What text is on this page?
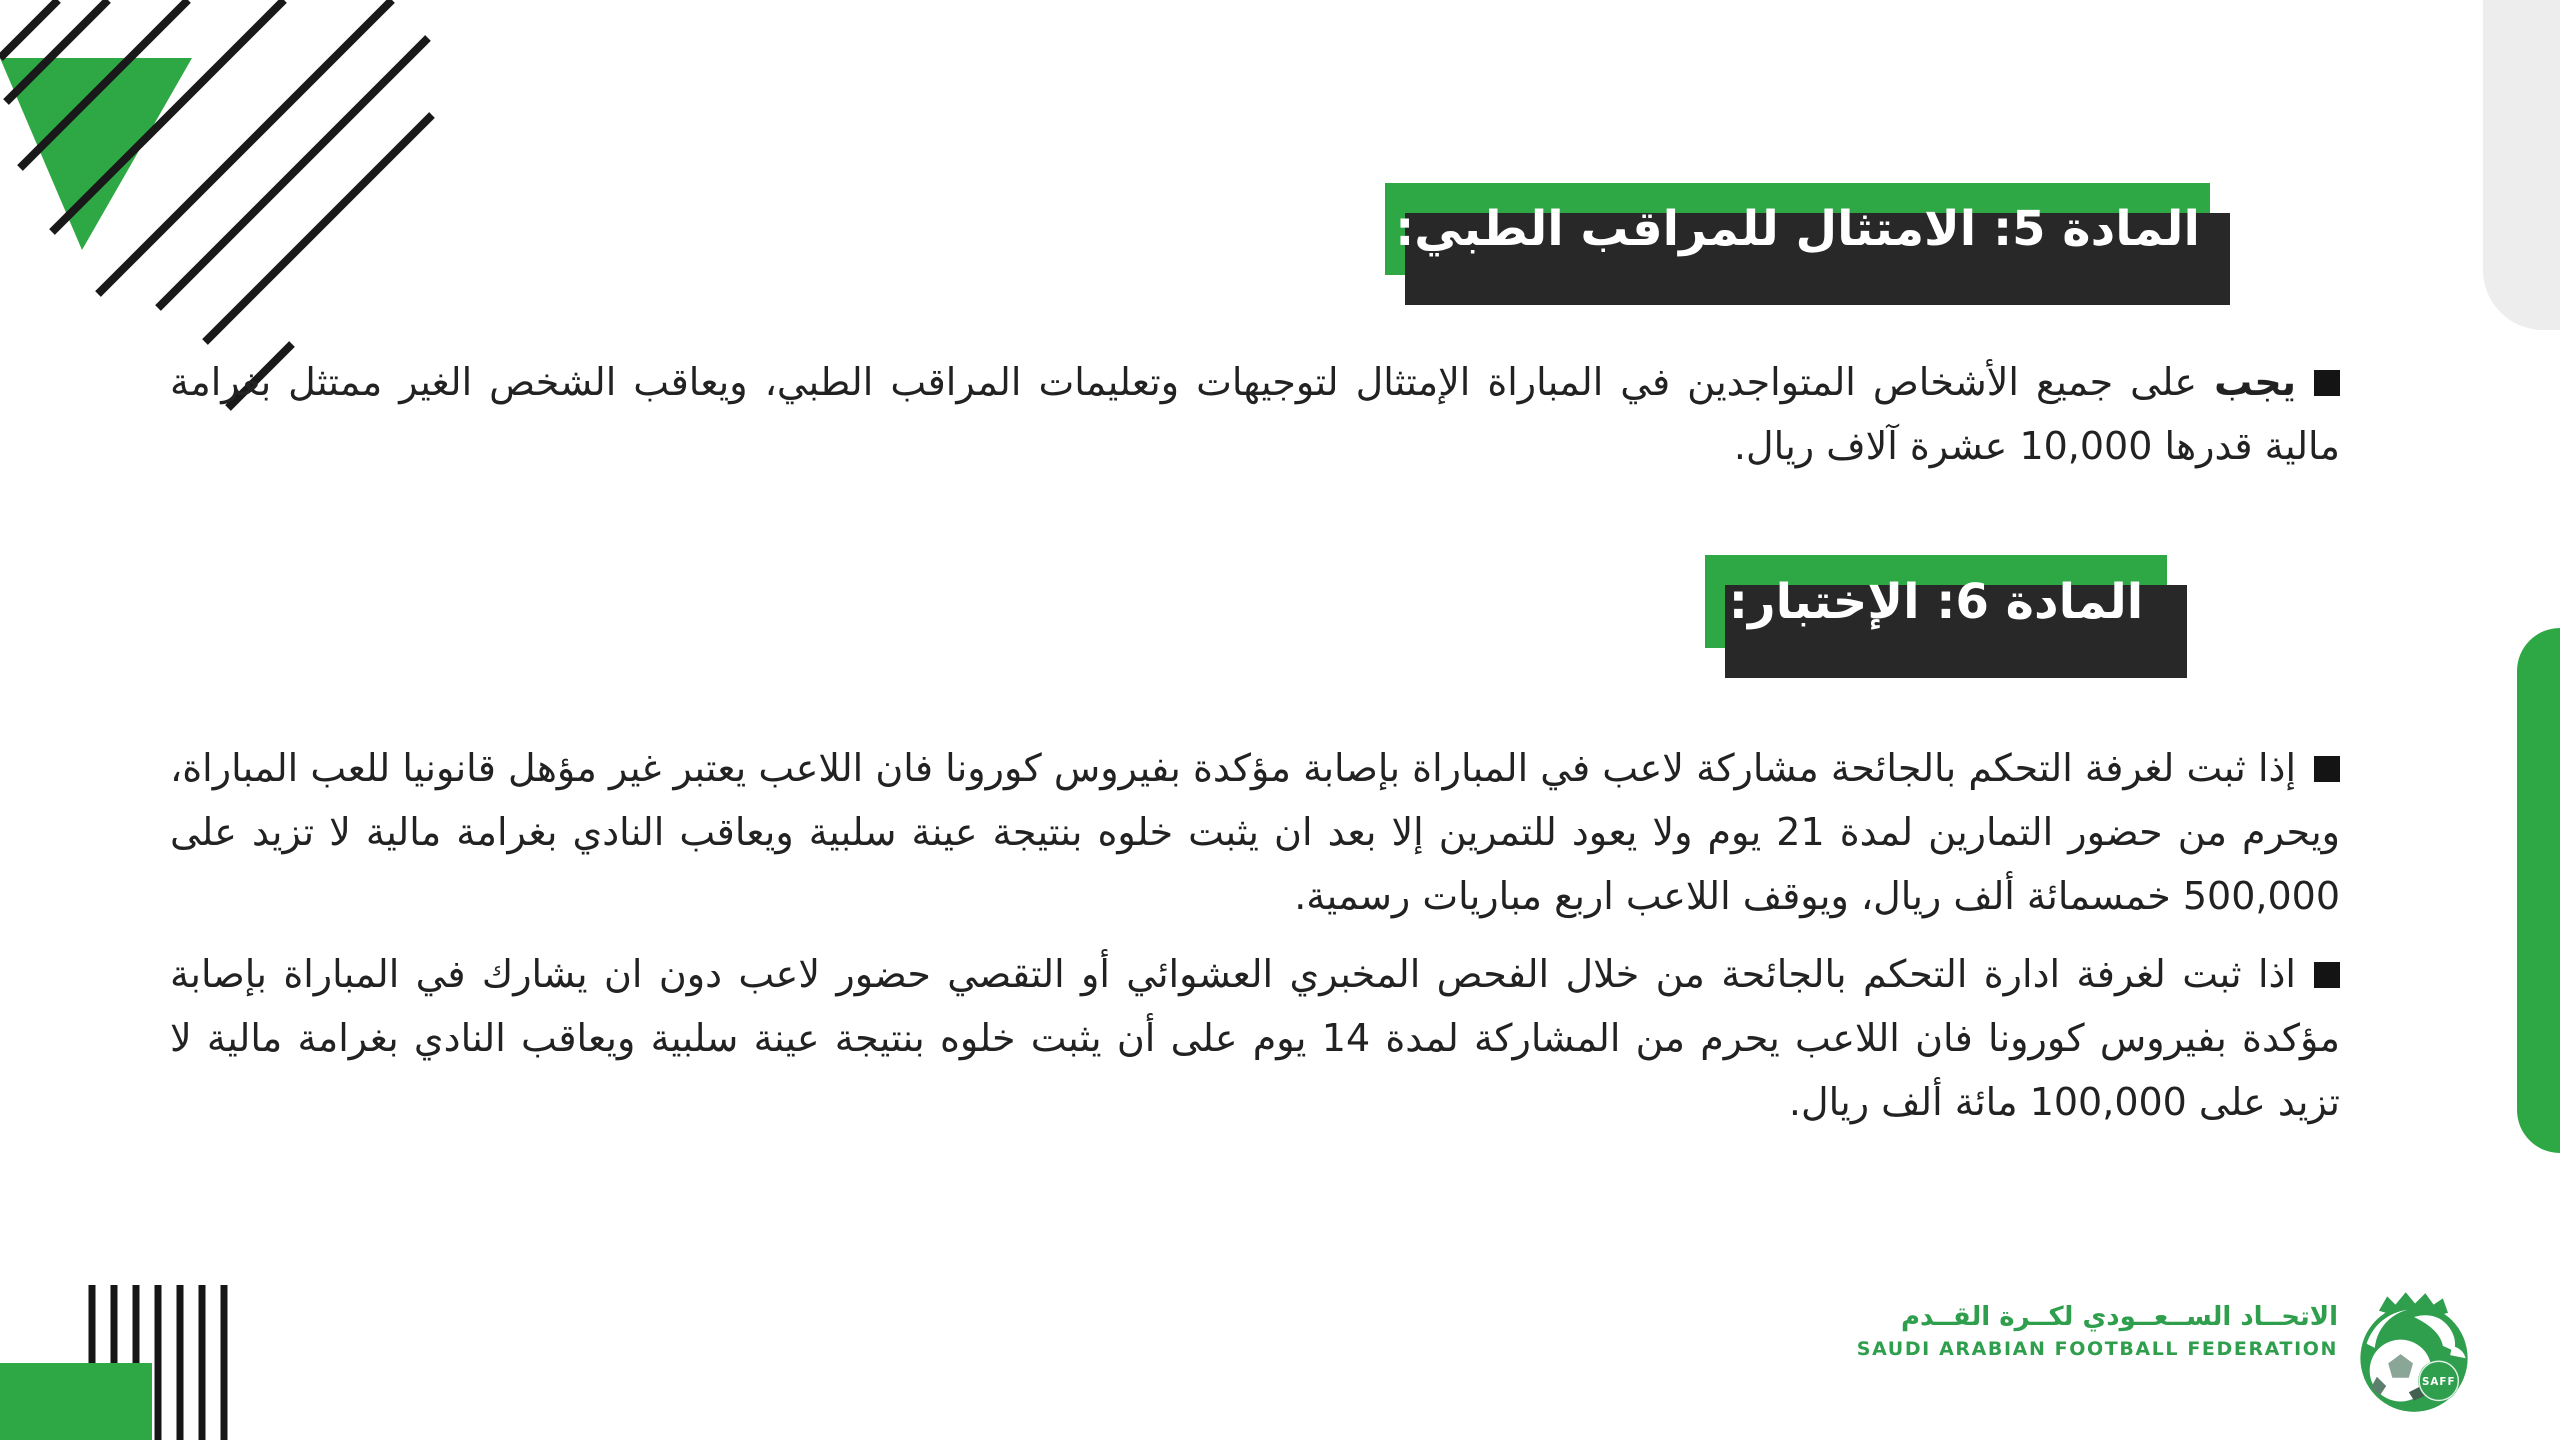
المادة 5: الامتثال للمراقب الطبي:

يجب على جميع الأشخاص المتواجدين في المباراة الإمتثال لتوجيهات وتعليمات المراقب الطبي، ويعاقب الشخص الغير ممتثل بغرامة مالية قدرها 10,000 عشرة آلاف ريال.

المادة 6: الإختبار:

إذا ثبت لغرفة التحكم بالجائحة مشاركة لاعب في المباراة بإصابة مؤكدة بفيروس كورونا فان اللاعب يعتبر غير مؤهل قانونيا للعب المباراة، ويحرم من حضور التمارين لمدة 21 يوم ولا يعود للتمرين إلا بعد ان يثبت خلوه بنتيجة عينة سلبية ويعاقب النادي بغرامة مالية لا تزيد على 500,000 خمسمائة ألف ريال، ويوقف اللاعب اربع مباريات رسمية.

اذا ثبت لغرفة ادارة التحكم بالجائحة من خلال الفحص المخبري العشوائي أو التقصي حضور لاعب دون ان يشارك في المباراة بإصابة مؤكدة بفيروس كورونا فان اللاعب يحرم من المشاركة لمدة 14 يوم على أن يثبت خلوه بنتيجة عينة سلبية ويعاقب النادي بغرامة مالية لا تزيد على 100,000 مائة ألف ريال.

الاتحــاد الســعــودي لكــرة القــدم
SAUDI ARABIAN FOOTBALL FEDERATION
SAFF
